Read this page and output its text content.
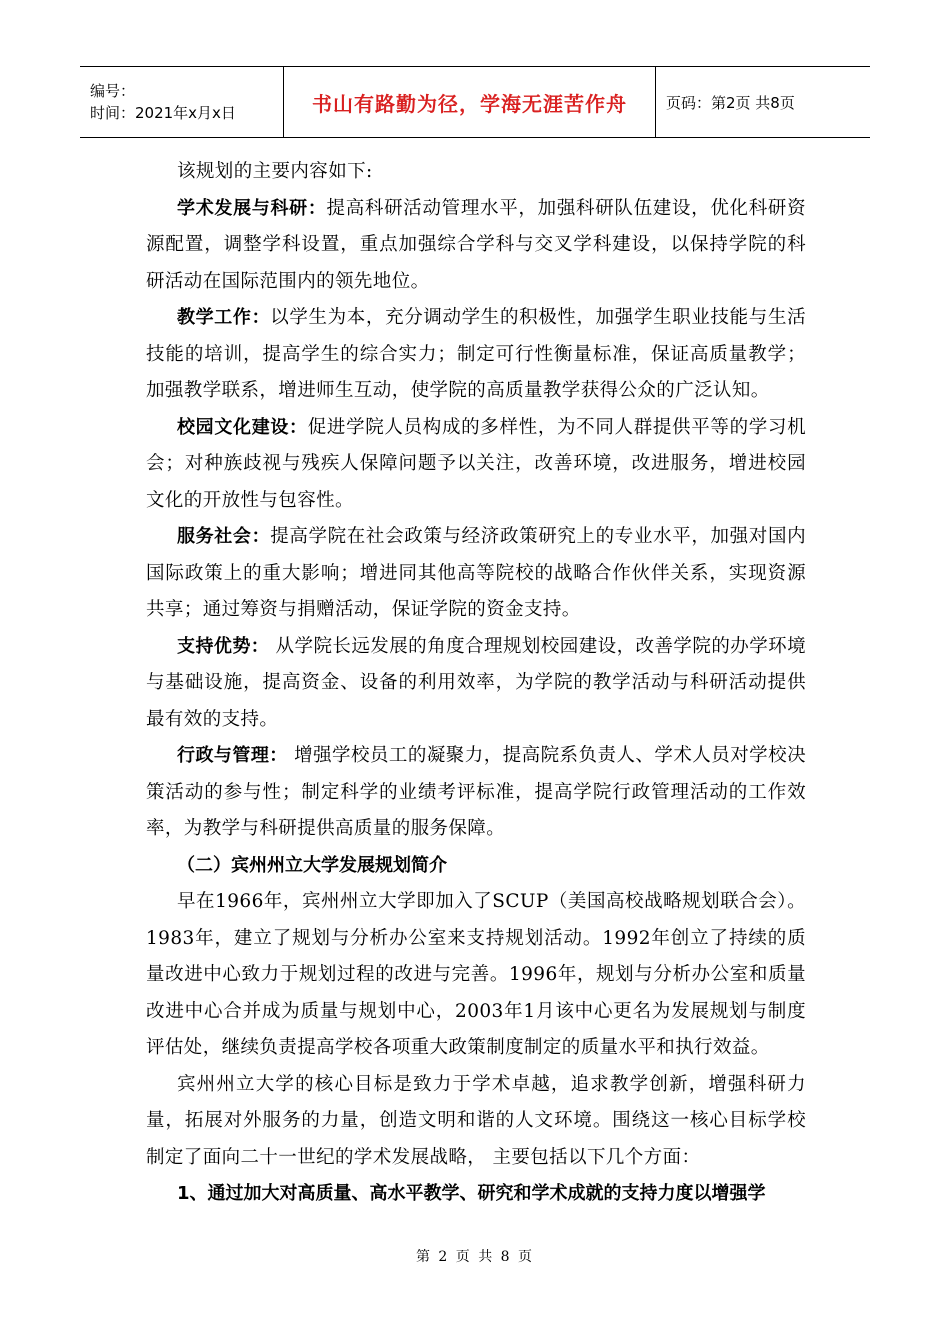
编号：
时间：2021年x月x日	书山有路勤为径，学海无涯苦作舟	页码：第2页 共8页

该规划的主要内容如下:

学术发展与科研：提高科研活动管理水平，加强科研队伍建设，优化科研资源配置，调整学科设置，重点加强综合学科与交叉学科建设，以保持学院的科研活动在国际范围内的领先地位。

教学工作：以学生为本，充分调动学生的积极性，加强学生职业技能与生活技能的培训，提高学生的综合实力；制定可行性衡量标准，保证高质量教学；加强教学联系，增进师生互动，使学院的高质量教学获得公众的广泛认知。

校园文化建设：促进学院人员构成的多样性，为不同人群提供平等的学习机会；对种族歧视与残疾人保障问题予以关注，改善环境，改进服务，增进校园文化的开放性与包容性。

服务社会：提高学院在社会政策与经济政策研究上的专业水平，加强对国内国际政策上的重大影响；增进同其他高等院校的战略合作伙伴关系，实现资源共享；通过筹资与捐赠活动，保证学院的资金支持。

支持优势： 从学院长远发展的角度合理规划校园建设，改善学院的办学环境与基础设施，提高资金、设备的利用效率，为学院的教学活动与科研活动提供最有效的支持。

行政与管理： 增强学校员工的凝聚力，提高院系负责人、学术人员对学校决策活动的参与性；制定科学的业绩考评标准，提高学院行政管理活动的工作效率，为教学与科研提供高质量的服务保障。

（二）宾州州立大学发展规划简介

早在1966年，宾州州立大学即加入了SCUP（美国高校战略规划联合会）。1983年，建立了规划与分析办公室来支持规划活动。1992年创立了持续的质量改进中心致力于规划过程的改进与完善。1996年，规划与分析办公室和质量改进中心合并成为质量与规划中心，2003年1月该中心更名为发展规划与制度评估处，继续负责提高学校各项重大政策制度制定的质量水平和执行效益。

宾州州立大学的核心目标是致力于学术卓越，追求教学创新，增强科研力量，拓展对外服务的力量，创造文明和谐的人文环境。围绕这一核心目标学校制定了面向二十一世纪的学术发展战略， 主要包括以下几个方面：

1、通过加大对高质量、高水平教学、研究和学术成就的支持力度以增强学

第 2 页 共 8 页
